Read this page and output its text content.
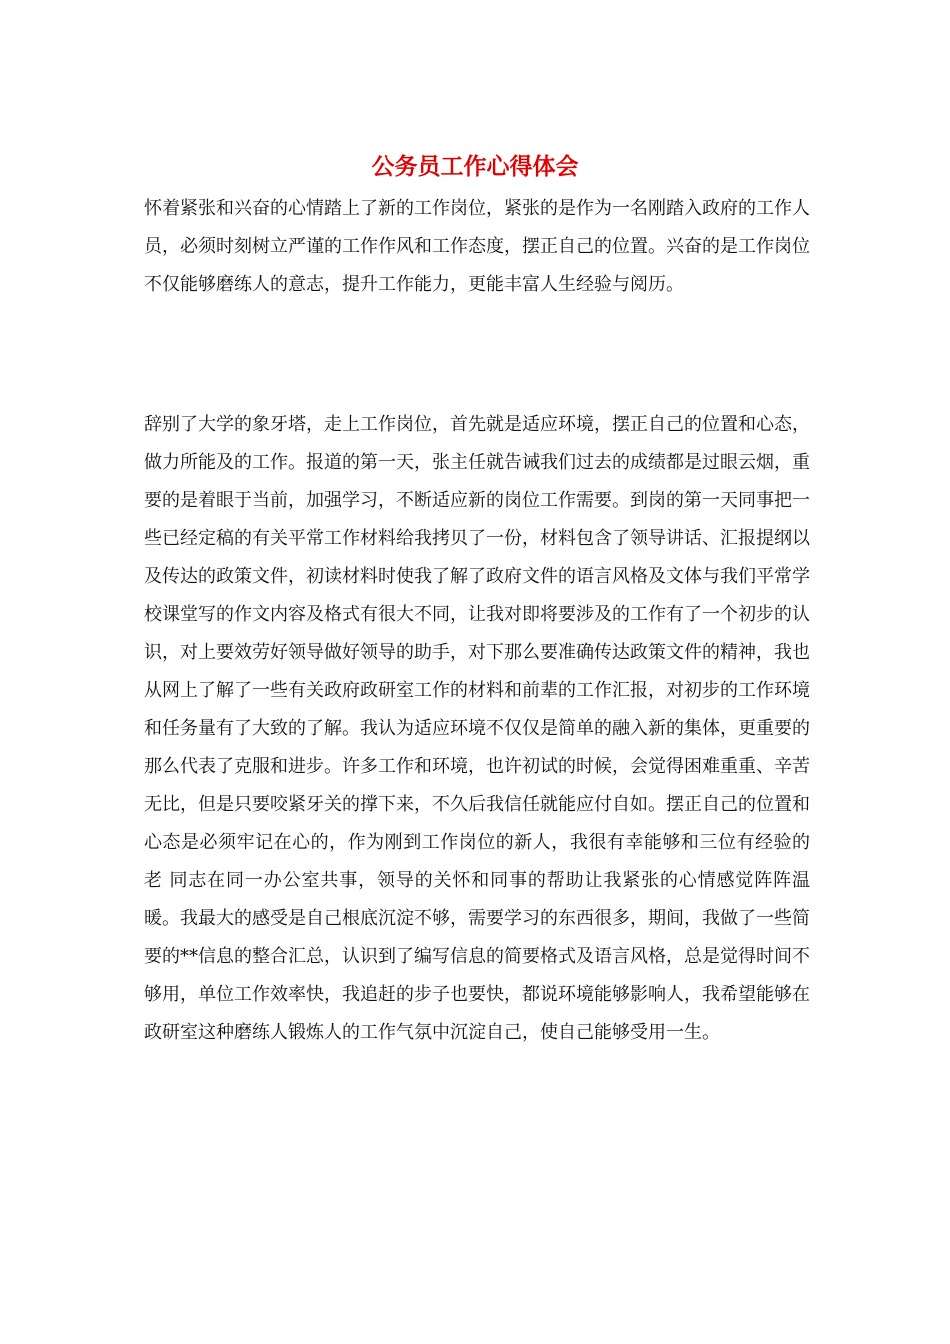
公务员工作心得体会

怀着紧张和兴奋的心情踏上了新的工作岗位，紧张的是作为一名刚踏入政府的工作人员，必须时刻树立严谨的工作作风和工作态度，摆正自己的位置。兴奋的是工作岗位不仅能够磨练人的意志，提升工作能力，更能丰富人生经验与阅历。

辞别了大学的象牙塔，走上工作岗位，首先就是适应环境，摆正自己的位置和心态，做力所能及的工作。报道的第一天，张主任就告诫我们过去的成绩都是过眼云烟，重要的是着眼于当前，加强学习，不断适应新的岗位工作需要。到岗的第一天同事把一些已经定稿的有关平常工作材料给我拷贝了一份，材料包含了领导讲话、汇报提纲以及传达的政策文件，初读材料时使我了解了政府文件的语言风格及文体与我们平常学校课堂写的作文内容及格式有很大不同，让我对即将要涉及的工作有了一个初步的认识，对上要效劳好领导做好领导的助手，对下那么要准确传达政策文件的精神，我也从网上了解了一些有关政府政研室工作的材料和前辈的工作汇报，对初步的工作环境和任务量有了大致的了解。我认为适应环境不仅仅是简单的融入新的集体，更重要的那么代表了克服和进步。许多工作和环境，也许初试的时候，会觉得困难重重、辛苦无比，但是只要咬紧牙关的撑下来，不久后我信任就能应付自如。摆正自己的位置和心态是必须牢记在心的，作为刚到工作岗位的新人，我很有幸能够和三位有经验的 老 同志在同一办公室共事，领导的关怀和同事的帮助让我紧张的心情感觉阵阵温暖。我最大的感受是自己根底沉淀不够，需要学习的东西很多，期间，我做了一些简要的**信息的整合汇总，认识到了编写信息的简要格式及语言风格，总是觉得时间不够用，单位工作效率快，我追赶的步子也要快，都说环境能够影响人，我希望能够在政研室这种磨练人锻炼人的工作气氛中沉淀自己，使自己能够受用一生。
